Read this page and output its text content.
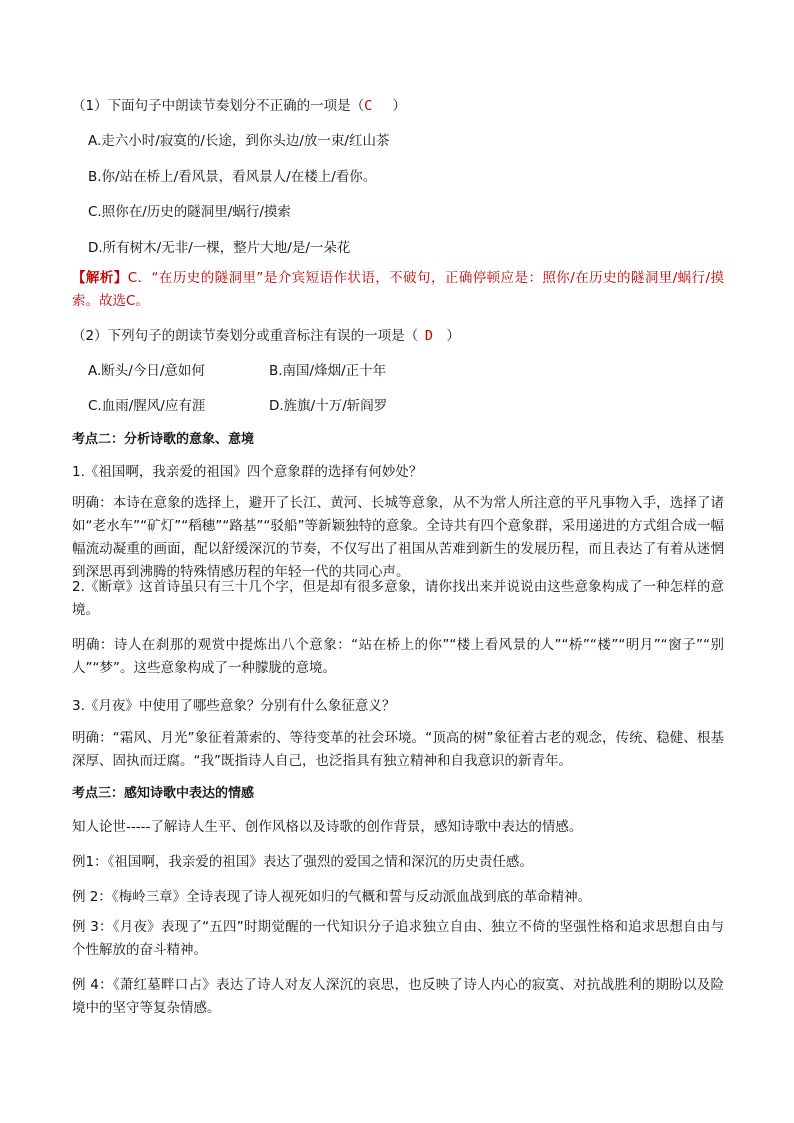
（1）下面句子中朗读节奏划分不正确的一项是（C   ）
A.走六小时/寂寞的/长途，到你头边/放一束/红山茶
B.你/站在桥上/看风景，看风景人/在楼上/看你。
C.照你在/历史的隧洞里/蜗行/摸索
D.所有树木/无非/一棵，整片大地/是/一朵花
【解析】C．“在历史的隧洞里”是介宾短语作状语，不破句，正确停顿应是：照你/在历史的隧洞里/蜗行/摸索。故选C。
（2）下列句子的朗读节奏划分或重音标注有误的一项是（  D  ）
A.断头/今日/意如何	B.南国/烽烟/正十年
C.血雨/腥风/应有涯	D.旌旗/十万/斩阎罗
考点二：分析诗歌的意象、意境
1.《祖国啊，我亲爱的祖国》四个意象群的选择有何妙处？
明确：本诗在意象的选择上，避开了长江、黄河、长城等意象，从不为常人所注意的平凡事物入手，选择了诸如“老水车”“矿灯”“稻穗”“路基”“驳船”等新颖独特的意象。全诗共有四个意象群，采用递进的方式组合成一幅幅流动凝重的画面，配以舒缓深沉的节奏，不仅写出了祖国从苦难到新生的发展历程，而且表达了有着从迷惘到深思再到沸腾的特殊情感历程的年轻一代的共同心声。
2.《断章》这首诗虽只有三十几个字，但是却有很多意象，请你找出来并说说由这些意象构成了一种怎样的意境。
明确：诗人在刹那的观赏中提炼出八个意象：“站在桥上的你”“楼上看风景的人”“桥”“楼”“明月”“窗子”“别人”“梦”。这些意象构成了一种朦胧的意境。
3.《月夜》中使用了哪些意象？分别有什么象征意义？
明确：“霜风、月光”象征着萧索的、等待变革的社会环境。“顶高的树”象征着古老的观念，传统、稳健、根基深厚、固执而迂腐。“我”既指诗人自己，也泛指具有独立精神和自我意识的新青年。
考点三：感知诗歌中表达的情感
知人论世-----了解诗人生平、创作风格以及诗歌的创作背景，感知诗歌中表达的情感。
例1：《祖国啊，我亲爱的祖国》表达了强烈的爱国之情和深沉的历史责任感。
例 2：《梅岭三章》全诗表现了诗人视死如归的气概和誓与反动派血战到底的革命精神。
例 3：《月夜》表现了“五四”时期觉醒的一代知识分子追求独立自由、独立不倚的坚强性格和追求思想自由与个性解放的奋斗精神。
例 4：《萧红墓畔口占》表达了诗人对友人深沉的哀思，也反映了诗人内心的寂寞、对抗战胜利的期盼以及险境中的坚守等复杂情感。
